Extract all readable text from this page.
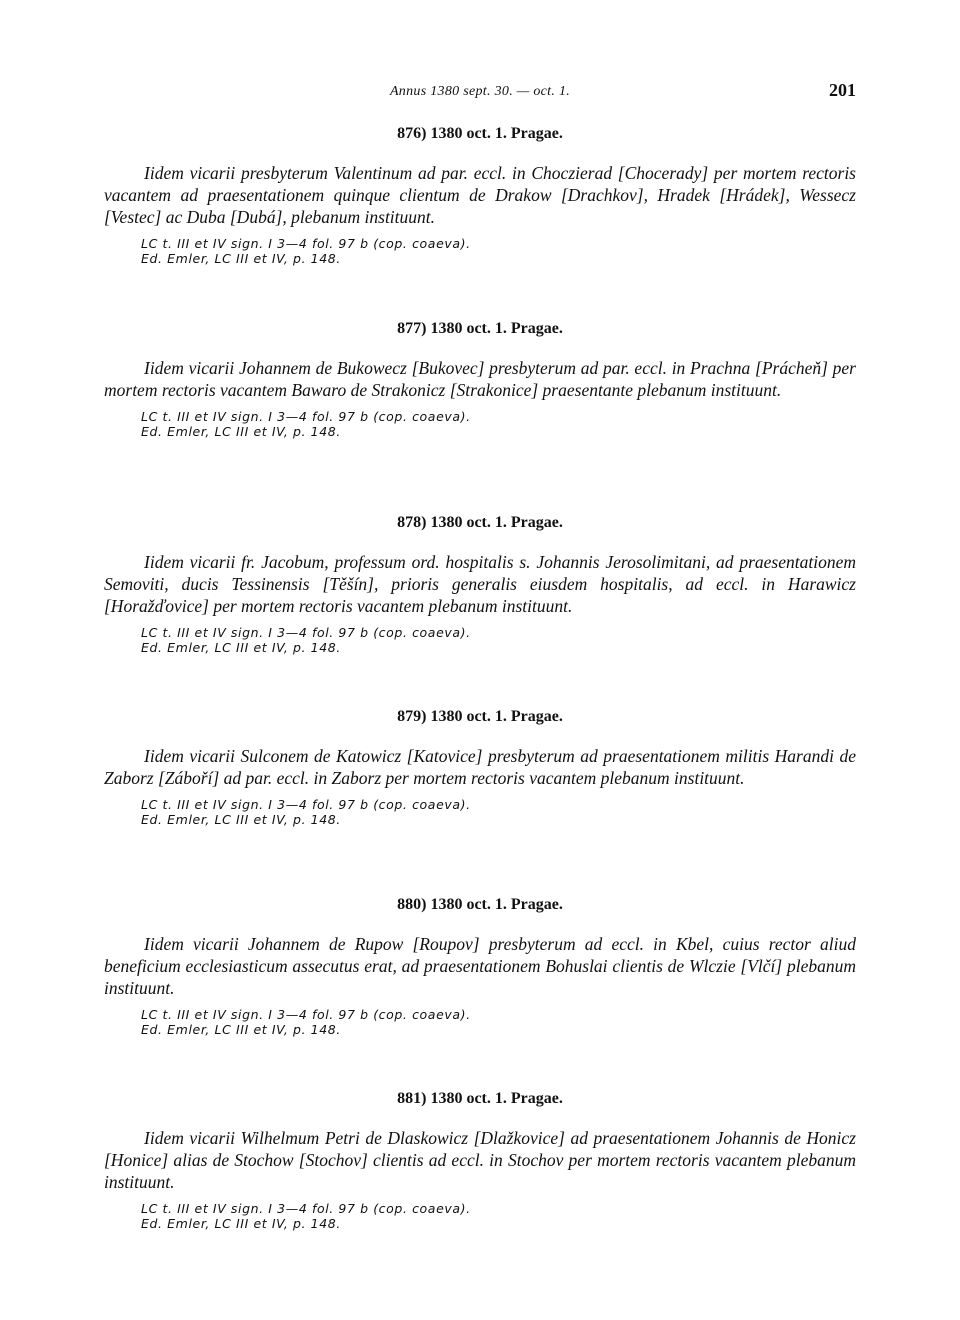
Annus 1380 sept. 30. — oct. 1.	201
876) 1380 oct. 1. Pragae.

Iidem vicarii presbyterum Valentinum ad par. eccl. in Choczierad [Chocerady] per mortem rectoris vacantem ad praesentationem quinque clientum de Drakow [Drachkov], Hradek [Hrádek], Wessecz [Vestec] ac Duba [Dubá], plebanum instituunt.

LC t. III et IV sign. I 3—4 fol. 97 b (cop. coaeva).
Ed. Emler, LC III et IV, p. 148.
877) 1380 oct. 1. Pragae.

Iidem vicarii Johannem de Bukowecz [Bukovec] presbyterum ad par. eccl. in Prachna [Prácheň] per mortem rectoris vacantem Bawaro de Strakonicz [Strakonice] praesentante plebanum instituunt.

LC t. III et IV sign. I 3—4 fol. 97 b (cop. coaeva).
Ed. Emler, LC III et IV, p. 148.
878) 1380 oct. 1. Pragae.

Iidem vicarii fr. Jacobum, professum ord. hospitalis s. Johannis Jerosolimitani, ad praesentationem Semoviti, ducis Tessinensis [Těšín], prioris generalis eiusdem hospitalis, ad eccl. in Harawicz [Horažďovice] per mortem rectoris vacantem plebanum instituunt.

LC t. III et IV sign. I 3—4 fol. 97 b (cop. coaeva).
Ed. Emler, LC III et IV, p. 148.
879) 1380 oct. 1. Pragae.

Iidem vicarii Sulconem de Katowicz [Katovice] presbyterum ad praesentationem militis Harandi de Zaborz [Záboří] ad par. eccl. in Zaborz per mortem rectoris vacantem plebanum instituunt.

LC t. III et IV sign. I 3—4 fol. 97 b (cop. coaeva).
Ed. Emler, LC III et IV, p. 148.
880) 1380 oct. 1. Pragae.

Iidem vicarii Johannem de Rupow [Roupov] presbyterum ad eccl. in Kbel, cuius rector aliud beneficium ecclesiasticum assecutus erat, ad praesentationem Bohuslai clientis de Wlczie [Vlčí] plebanum instituunt.

LC t. III et IV sign. I 3—4 fol. 97 b (cop. coaeva).
Ed. Emler, LC III et IV, p. 148.
881) 1380 oct. 1. Pragae.

Iidem vicarii Wilhelmum Petri de Dlaskowicz [Dlažkovice] ad praesentationem Johannis de Honicz [Honice] alias de Stochow [Stochov] clientis ad eccl. in Stochov per mortem rectoris vacantem plebanum instituunt.

LC t. III et IV sign. I 3—4 fol. 97 b (cop. coaeva).
Ed. Emler, LC III et IV, p. 148.
